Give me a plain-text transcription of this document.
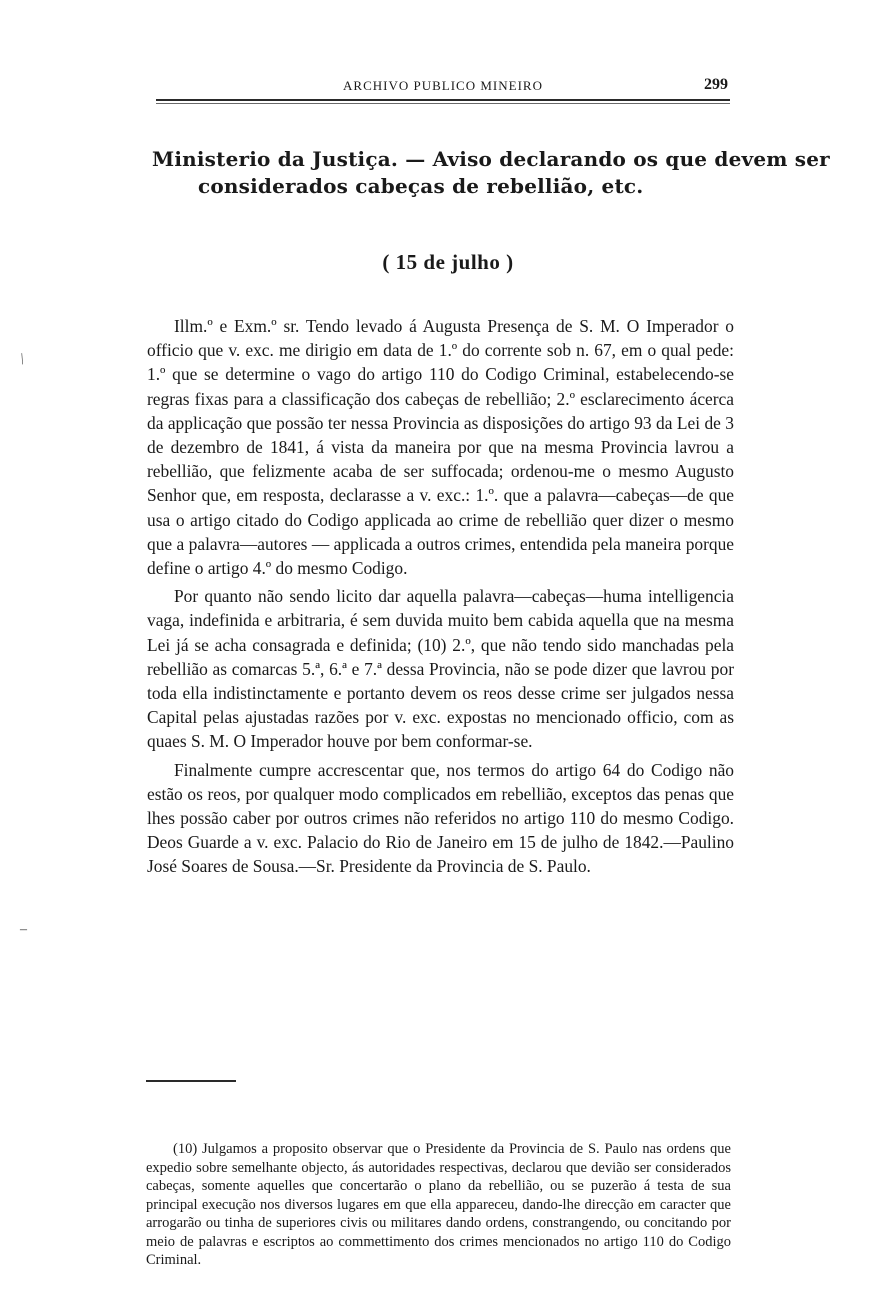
ARCHIVO PUBLICO MINEIRO	299
Ministerio da Justiça. — Aviso declarando os que devem ser
considerados cabeças de rebellião, etc.
( 15 de julho )

Illm.º e Exm.º sr. Tendo levado á Augusta Presença de S. M. O Imperador o officio que v. exc. me dirigio em data de 1.º do corrente sob n. 67, em o qual pede: 1.º que se determine o vago do artigo 110 do Codigo Criminal, estabelecendo-se regras fixas para a classificação dos cabeças de rebellião; 2.º esclarecimento ácerca da applicação que possão ter nessa Provincia as disposições do artigo 93 da Lei de 3 de dezembro de 1841, á vista da maneira por que na mesma Provincia lavrou a rebellião, que felizmente acaba de ser suffocada; ordenou-me o mesmo Augusto Senhor que, em resposta, declarasse a v. exc.: 1.º. que a palavra—cabeças—de que usa o artigo citado do Codigo applicada ao crime de rebellião quer dizer o mesmo que a palavra—autores — applicada a outros crimes, entendida pela maneira porque define o artigo 4.º do mesmo Codigo.

Por quanto não sendo licito dar aquella palavra—cabeças—huma intelligencia vaga, indefinida e arbitraria, é sem duvida muito bem cabida aquella que na mesma Lei já se acha consagrada e definida; (10) 2.º, que não tendo sido manchadas pela rebellião as comarcas 5.ª, 6.ª e 7.ª dessa Provincia, não se pode dizer que lavrou por toda ella indistinctamente e portanto devem os reos desse crime ser julgados nessa Capital pelas ajustadas razões por v. exc. expostas no mencionado officio, com as quaes S. M. O Imperador houve por bem conformar-se.

Finalmente cumpre accrescentar que, nos termos do artigo 64 do Codigo não estão os reos, por qualquer modo complicados em rebellião, exceptos das penas que lhes possão caber por outros crimes não referidos no artigo 110 do mesmo Codigo. Deos Guarde a v. exc. Palacio do Rio de Janeiro em 15 de julho de 1842.—Paulino José Soares de Sousa.—Sr. Presidente da Provincia de S. Paulo.

(10) Julgamos a proposito observar que o Presidente da Provincia de S. Paulo nas ordens que expedio sobre semelhante objecto, ás autoridades respectivas, declarou que devião ser considerados cabeças, somente aquelles que concertarão o plano da rebellião, ou se puzerão á testa de sua principal execução nos diversos lugares em que ella appareceu, dando-lhe direcção em caracter que arrogarão ou tinha de superiores civis ou militares dando ordens, constrangendo, ou concitando por meio de palavras e escriptos ao commettimento dos crimes mencionados no artigo 110 do Codigo Criminal.

⁄
–
